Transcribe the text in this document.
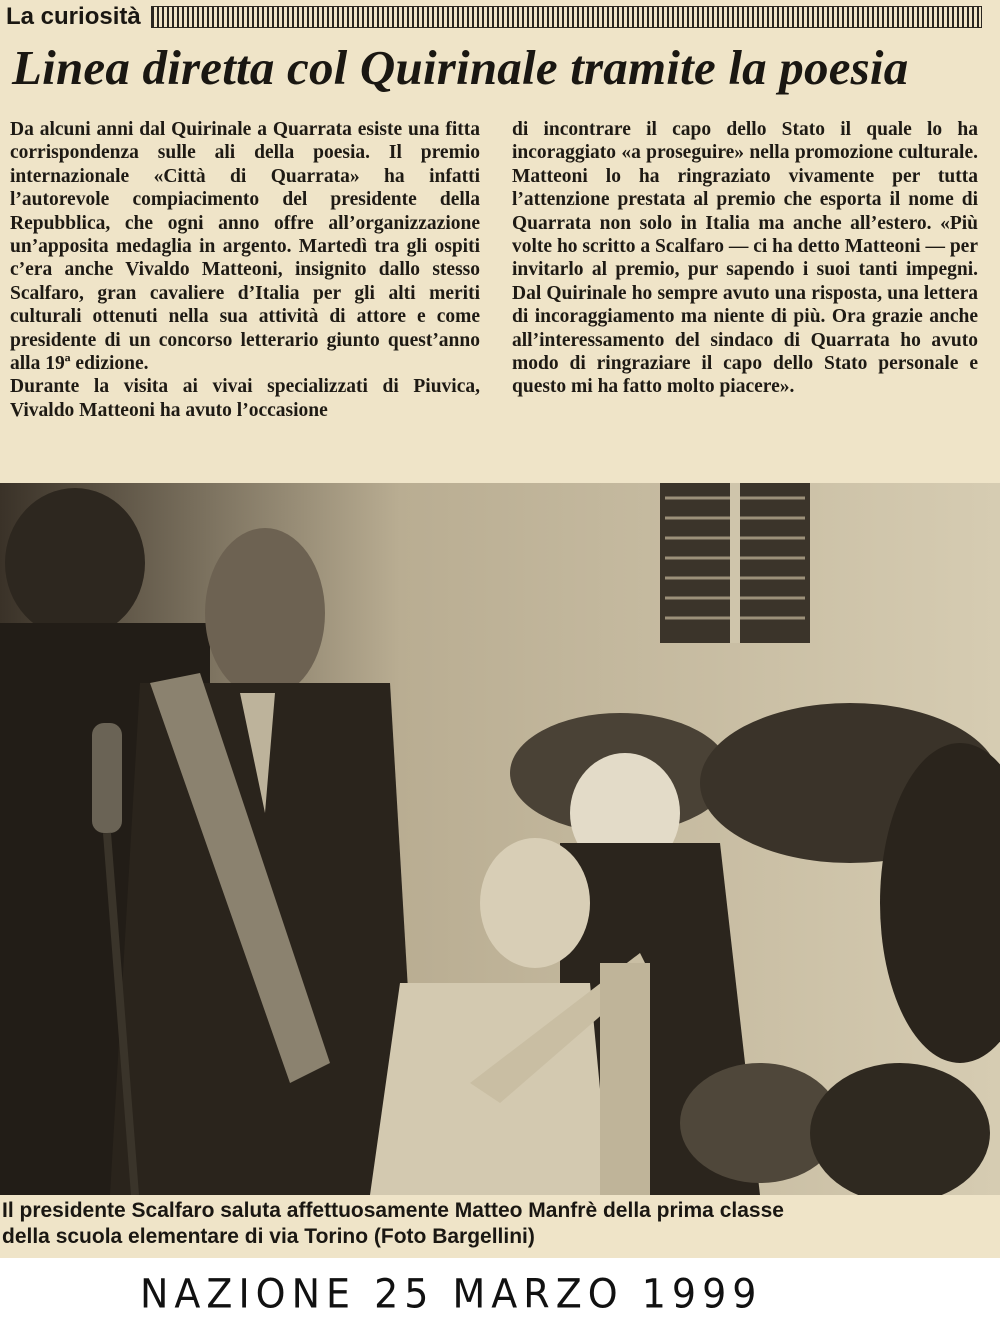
La curiosità
Linea diretta col Quirinale tramite la poesia

Da alcuni anni dal Quirinale a Quarrata esiste una fitta corrispondenza sulle ali della poesia. Il premio internazionale «Città di Quarrata» ha infatti l’autorevole compiacimento del presidente della Repubblica, che ogni anno offre all’organizzazione un’apposita medaglia in argento. Martedì tra gli ospiti c’era anche Vivaldo Matteoni, insignito dallo stesso Scalfaro, gran cavaliere d’Italia per gli alti meriti culturali ottenuti nella sua attività di attore e come presidente di un concorso letterario giunto quest’anno alla 19ª edizione.

Durante la visita ai vivai specializzati di Piuvica, Vivaldo Matteoni ha avuto l’occasione

di incontrare il capo dello Stato il quale lo ha incoraggiato «a proseguire» nella promozione culturale. Matteoni lo ha ringraziato vivamente per tutta l’attenzione prestata al premio che esporta il nome di Quarrata non solo in Italia ma anche all’estero. «Più volte ho scritto a Scalfaro — ci ha detto Matteoni — per invitarlo al premio, pur sapendo i suoi tanti impegni. Dal Quirinale ho sempre avuto una risposta, una lettera di incoraggiamento ma niente di più. Ora grazie anche all’interessamento del sindaco di Quarrata ho avuto modo di ringraziare il capo dello Stato personale e questo mi ha fatto molto piacere».

Il presidente Scalfaro saluta affettuosamente Matteo Manfrè della prima classe
della scuola elementare di via Torino (Foto Bargellini)
NAZIONE 25 MARZO 1999
